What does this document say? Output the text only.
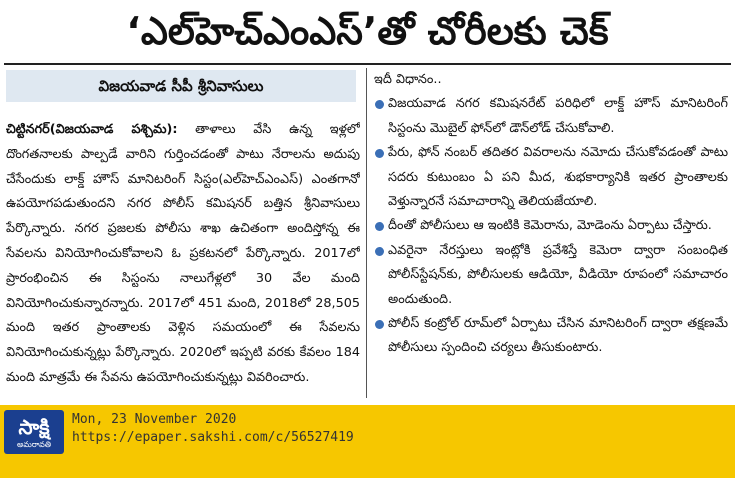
‘ఎల్‌హెచ్‌ఎంఎస్’తో చోరీలకు చెక్
విజయవాడ సీపీ శ్రీనివాసులు

చిట్టినగర్(విజయవాడ పశ్చిమ): తాళాలు వేసి ఉన్న ఇళ్లలో దొంగతనాలకు పాల్పడే వారిని గుర్తించడంతో పాటు నేరాలను అదుపు చేసేందుకు లాక్డ్ హౌస్ మానిటరింగ్ సిస్టం(ఎల్‌హెచ్‌ఎంఎస్) ఎంతగానో ఉపయోగపడుతుందని నగర పోలీస్ కమిషనర్ బత్తిన శ్రీనివాసులు పేర్కొన్నారు. నగర ప్రజలకు పోలీసు శాఖ ఉచితంగా అందిస్తోన్న ఈ సేవలను వినియోగించుకోవాలని ఓ ప్రకటనలో పేర్కొన్నారు. 2017లో ప్రారంభించిన ఈ సిస్టంను నాలుగేళ్లలో 30 వేల మంది వినియోగించుకున్నారన్నారు. 2017లో 451 మంది, 2018లో 28,505 మంది ఇతర ప్రాంతాలకు వెళ్లిన సమయంలో ఈ సేవలను వినియోగించుకున్నట్లు పేర్కొన్నారు. 2020లో ఇప్పటి వరకు కేవలం 184 మంది మాత్రమే ఈ సేవను ఉపయోగించుకున్నట్లు వివరించారు.

ఇదీ విధానం..

విజయవాడ నగర కమిషనరేట్ పరిధిలో లాక్డ్ హౌస్ మానిటరింగ్ సిస్టంను మొబైల్ ఫోన్‌లో డౌన్‌లోడ్ చేసుకోవాలి.
పేరు, ఫోన్ నంబర్ తదితర వివరాలను నమోదు చేసుకోవడంతో పాటు సదరు కుటుంబం ఏ పని మీద, శుభకార్యానికి ఇతర ప్రాంతాలకు వెళ్తున్నారనే సమాచారాన్ని తెలియజేయాలి.
దీంతో పోలీసులు ఆ ఇంటికి కెమెరాను, మోడెంను ఏర్పాటు చేస్తారు.
ఎవరైనా నేరస్తులు ఇంట్లోకి ప్రవేశిస్తే కెమెరా ద్వారా సంబంధిత పోలీస్‌స్టేషన్‌కు, పోలీసులకు ఆడియో, వీడియో రూపంలో సమాచారం అందుతుంది.
పోలీస్ కంట్రోల్ రూమ్‌లో ఏర్పాటు చేసిన మానిటరింగ్ ద్వారా తక్షణమే పోలీసులు స్పందించి చర్యలు తీసుకుంటారు.
సాక్షి
అమరావతి
Mon, 23 November 2020
https://epaper.sakshi.com/c/56527419
